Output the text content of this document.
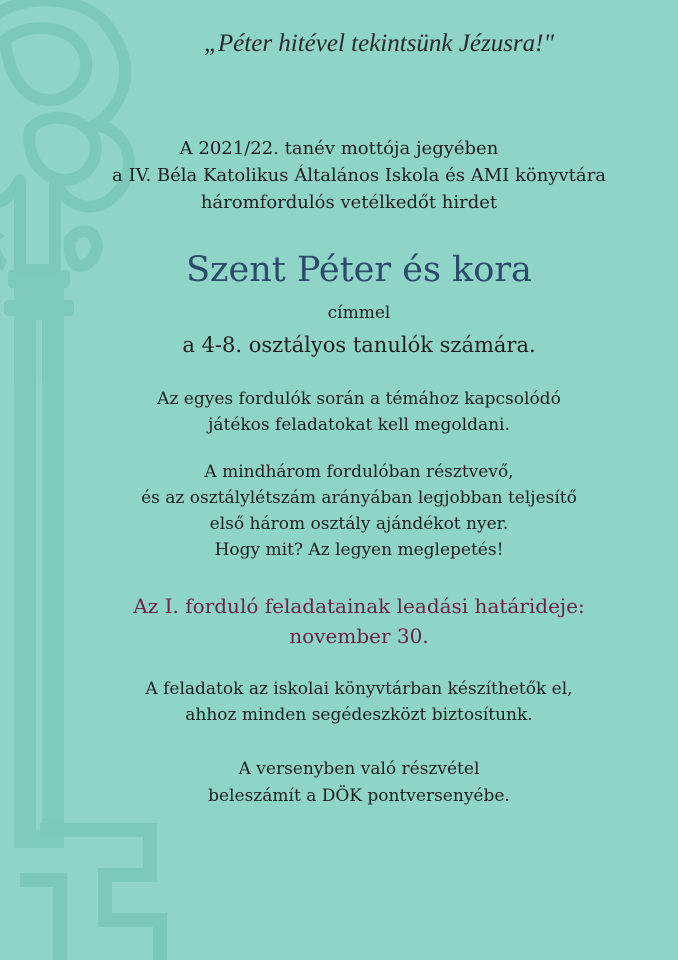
„Péter hitével tekintsünk Jézusra!"
A 2021/22. tanév mottója jegyében
a IV. Béla Katolikus Általános Iskola és AMI könyvtára
háromfordulós vetélkedőt hirdet
Szent Péter és kora
címmel
a 4-8. osztályos tanulók számára.
Az egyes fordulók során a témához kapcsolódó
játékos feladatokat kell megoldani.
A mindhárom fordulóban résztvevő,
és az osztálylétszám arányában legjobban teljesítő
első három osztály ajándékot nyer.
Hogy mit? Az legyen meglepetés!
Az I. forduló feladatainak leadási határideje:
november 30.
A feladatok az iskolai könyvtárban készíthetők el,
ahhoz minden segédeszközt biztosítunk.
A versenyben való részvétel
beleszámít a DÖK pontversenyébe.
